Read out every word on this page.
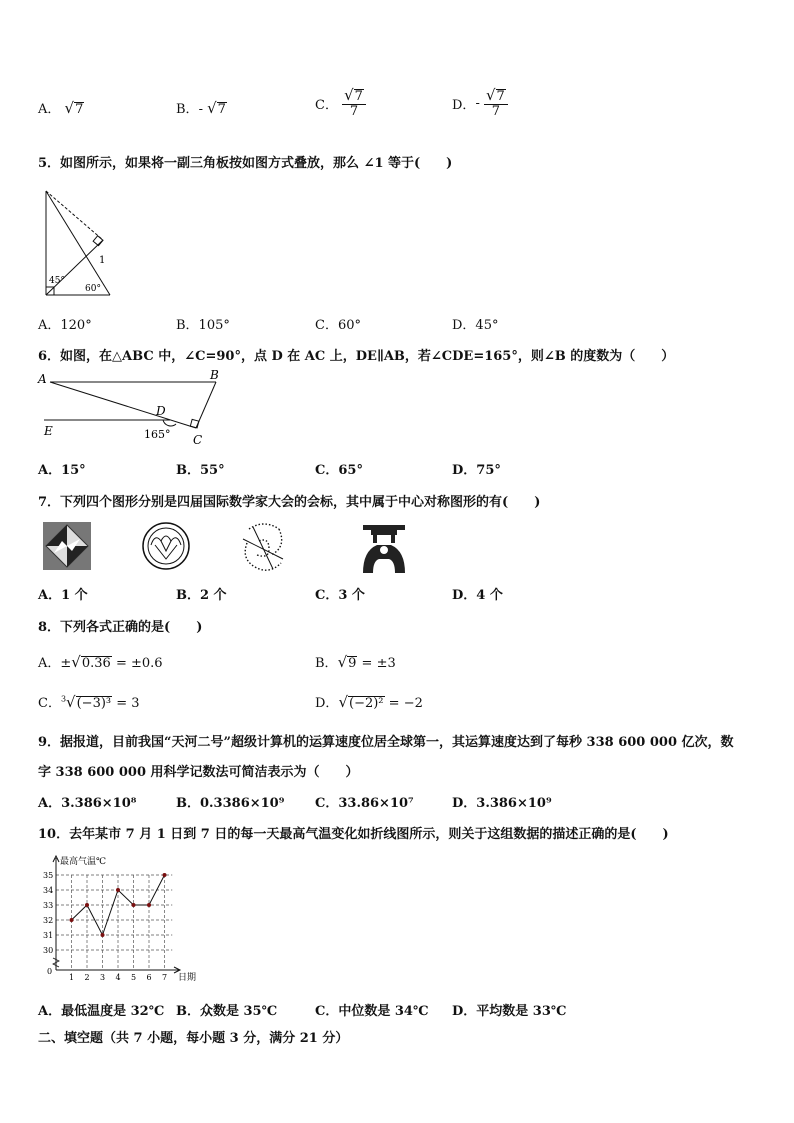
A． √7	B．- √7	C． $\frac{√7}{7}$	D．- $\frac{√7}{7}$
5．如图所示，如果将一副三角板按如图方式叠放，那么 ∠1 等于(　　)
45°
60°
1
A．120°	B．105°	C．60°	D．45°
6．如图，在△ABC 中，∠C=90°，点 D 在 AC 上，DE∥AB，若∠CDE=165°，则∠B 的度数为（　　）
A	B
D
E
C
165°
A．15°	B．55°	C．65°	D．75°
7．下列四个图形分别是四届国际数学家大会的会标，其中属于中心对称图形的有(　　)
A．1 个	B．2 个	C．3 个	D．4 个
8．下列各式正确的是(　　)
A．±√0.36 = ±0.6	B．√9 = ±3
C．$^3$√(−3)³ = 3	D．√(−2)² = −2
9．据报道，目前我国“天河二号”超级计算机的运算速度位居全球第一，其运算速度达到了每秒 338 600 000 亿次，数
字 338 600 000 用科学记数法可简洁表示为（　　）
A．3.386×10⁸	B．0.3386×10⁹ C．33.86×10⁷	D．3.386×10⁹
10．去年某市 7 月 1 日到 7 日的每一天最高气温变化如折线图所示，则关于这组数据的描述正确的是(　　)
最高气温℃
日期
30
31
32
33
34
35
1 2 3 4 5 6 7
0
A．最低温度是 32℃ B．众数是 35℃	C．中位数是 34℃ D．平均数是 33℃
二、填空题（共 7 小题，每小题 3 分，满分 21 分）
